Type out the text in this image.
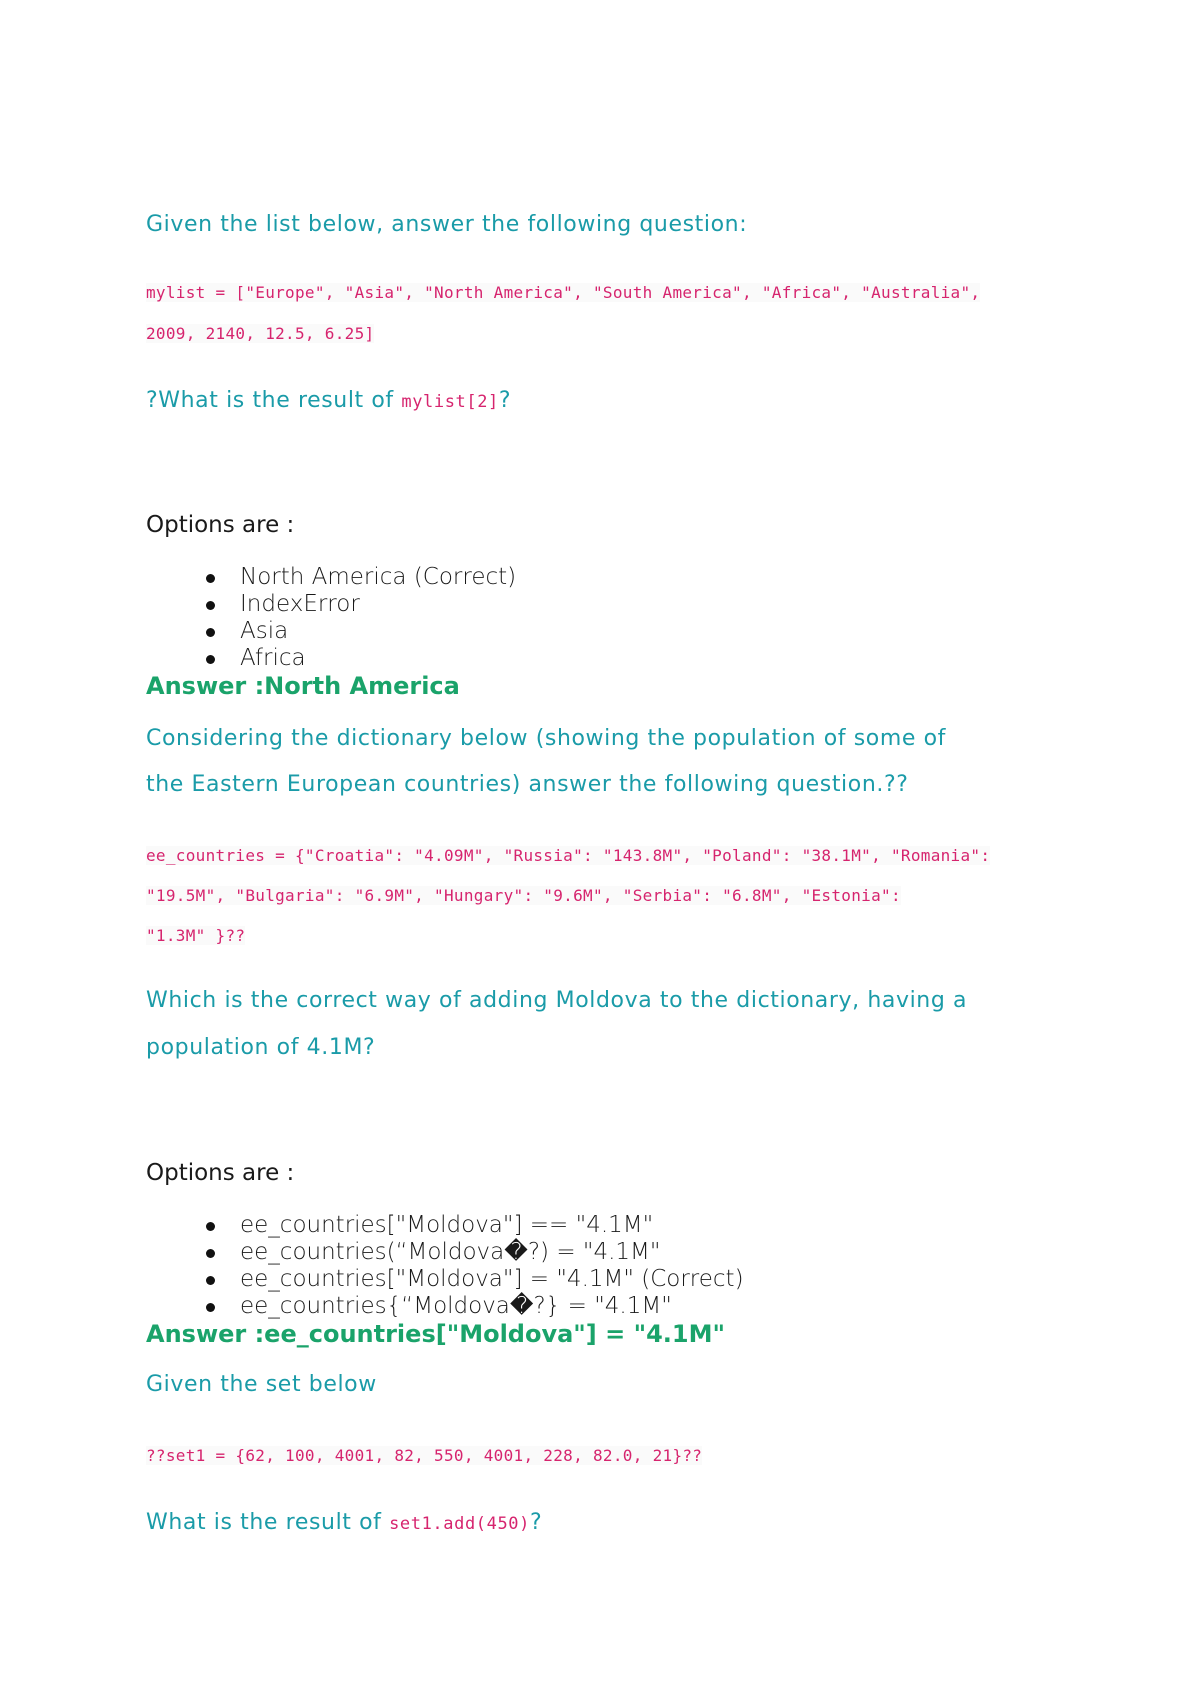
Given the list below, answer the following question:
mylist = ["Europe", "Asia", "North America", "South America", "Africa", "Australia",
2009, 2140, 12.5, 6.25]
?What is the result of mylist[2]?
Options are :
North America (Correct)
IndexError
Asia
Africa
Answer :North America
Considering the dictionary below (showing the population of some of
the Eastern European countries) answer the following question.??
ee_countries = {"Croatia": "4.09M", "Russia": "143.8M", "Poland": "38.1M", "Romania":
"19.5M", "Bulgaria": "6.9M", "Hungary": "9.6M", "Serbia": "6.8M", "Estonia":
"1.3M" }??
Which is the correct way of adding Moldova to the dictionary, having a
population of 4.1M?
Options are :
ee_countries["Moldova"] == "4.1M"
ee_countries(“Moldova�?) = "4.1M"
ee_countries["Moldova"] = "4.1M" (Correct)
ee_countries{“Moldova�?} = "4.1M"
Answer :ee_countries["Moldova"] = "4.1M"
Given the set below
??set1 = {62, 100, 4001, 82, 550, 4001, 228, 82.0, 21}??
What is the result of set1.add(450)?
